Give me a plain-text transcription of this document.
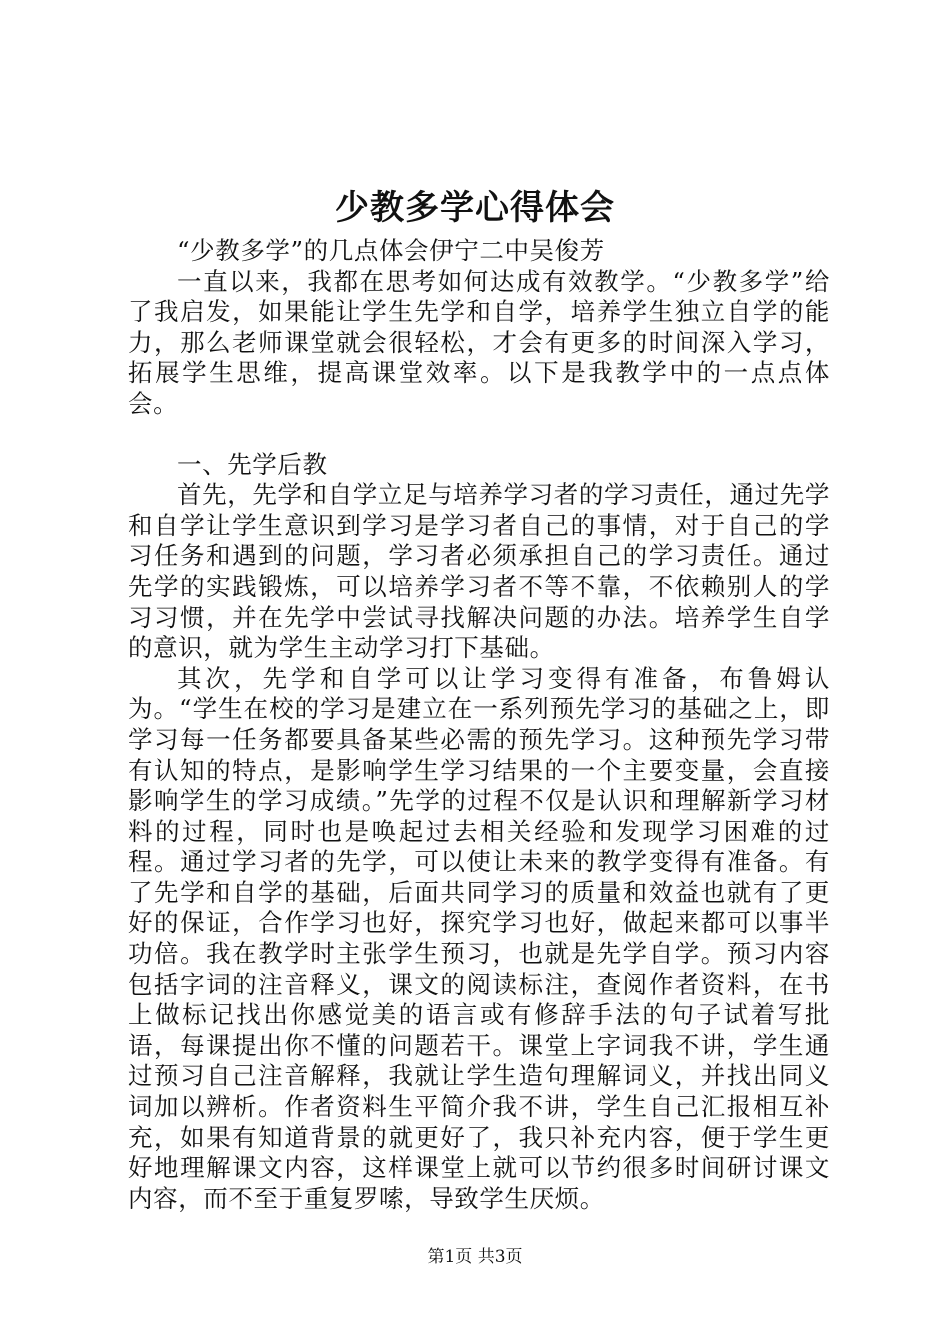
少教多学心得体会

“少教多学”的几点体会伊宁二中吴俊芳

一直以来，我都在思考如何达成有效教学。“少教多学”给了我启发，如果能让学生先学和自学，培养学生独立自学的能力，那么老师课堂就会很轻松，才会有更多的时间深入学习，拓展学生思维，提高课堂效率。以下是我教学中的一点点体会。

一、先学后教

首先，先学和自学立足与培养学习者的学习责任，通过先学和自学让学生意识到学习是学习者自己的事情，对于自己的学习任务和遇到的问题，学习者必须承担自己的学习责任。通过先学的实践锻炼，可以培养学习者不等不靠，不依赖别人的学习习惯，并在先学中尝试寻找解决问题的办法。培养学生自学的意识，就为学生主动学习打下基础。

其次，先学和自学可以让学习变得有准备，布鲁姆认为。“学生在校的学习是建立在一系列预先学习的基础之上，即学习每一任务都要具备某些必需的预先学习。这种预先学习带有认知的特点，是影响学生学习结果的一个主要变量，会直接影响学生的学习成绩。”先学的过程不仅是认识和理解新学习材料的过程，同时也是唤起过去相关经验和发现学习困难的过程。通过学习者的先学，可以使让未来的教学变得有准备。有了先学和自学的基础，后面共同学习的质量和效益也就有了更好的保证，合作学习也好，探究学习也好，做起来都可以事半功倍。我在教学时主张学生预习，也就是先学自学。预习内容包括字词的注音释义，课文的阅读标注，查阅作者资料，在书上做标记找出你感觉美的语言或有修辞手法的句子试着写批语，每课提出你不懂的问题若干。课堂上字词我不讲，学生通过预习自己注音解释，我就让学生造句理解词义，并找出同义词加以辨析。作者资料生平简介我不讲，学生自己汇报相互补充，如果有知道背景的就更好了，我只补充内容，便于学生更好地理解课文内容，这样课堂上就可以节约很多时间研讨课文内容，而不至于重复罗嗦，导致学生厌烦。

第1页 共3页
